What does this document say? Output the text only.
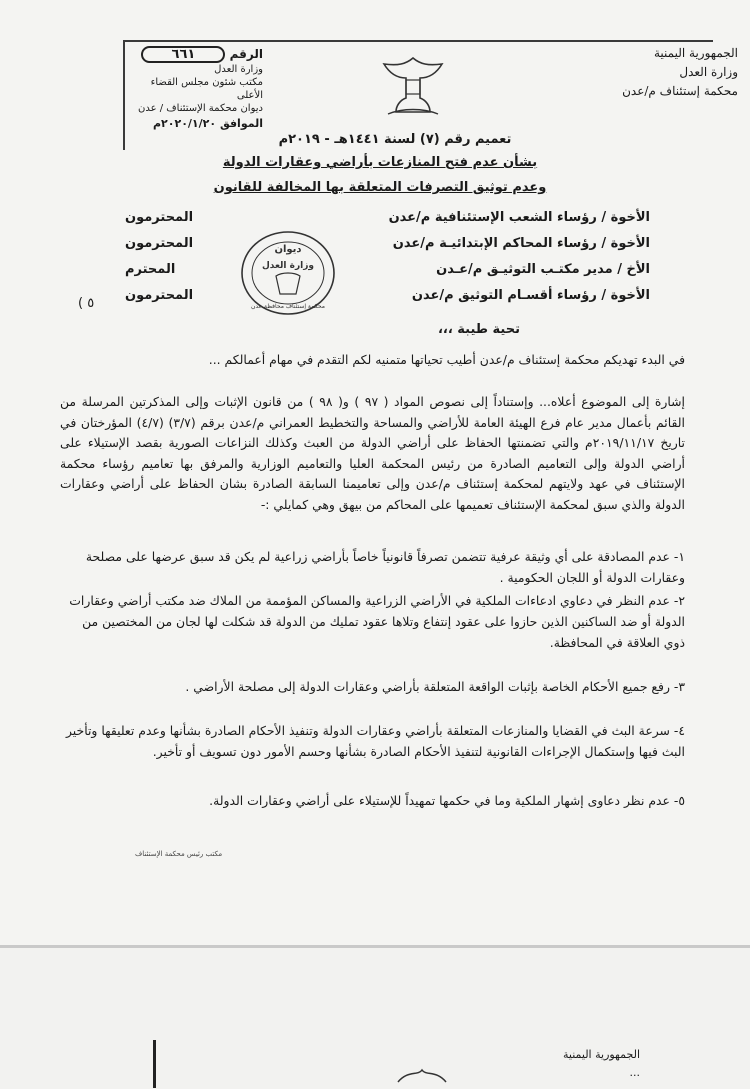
الجمهورية اليمنية
وزارة العدل
محكمة إستئناف م/عدن
الرقم ٦٦١
وزارة العدل
مكتب شئون مجلس القضاء الأعلى
ديوان محكمة الإستئناف / عدن
الموافق ٢٠٢٠/١/٢٠م
تعميم رقم (٧) لسنة ١٤٤١هـ - ٢٠١٩م
بشأن عدم فتح المنازعات بأراضي وعقارات الدولة
وعدم توثيق التصرفات المتعلقة بها المخالفة للقانون
الأخوة / رؤساء الشعب الإستئنافية م/عدن
المحترمون
الأخوة / رؤساء المحاكم الإبتدائيـة م/عدن
المحترمون
الأخ / مدير مكتـب التوثيـق م/عـدن
المحترم
الأخوة / رؤساء أقسـام التوثيق م/عدن
المحترمون
ديوان
وزارة العدل
محكمة إستئناف محافظة عدن
( ٥
تحية طيبة ،،،
في البدء تهديكم محكمة إستئناف م/عدن أطيب تحياتها متمنيه لكم التقدم في مهام أعمالكم ...
إشارة إلى الموضوع أعلاه... وإستناداً إلى نصوص المواد ( ٩٧ ) و( ٩٨ ) من قانون الإثبات وإلى المذكرتين المرسلة من القائم بأعمال مدير عام فرع الهيئة العامة للأراضي والمساحة والتخطيط العمراني م/عدن برقم (٣/٧) (٤/٧) المؤرختان في تاريخ ٢٠١٩/١١/١٧م والتي تضمنتها الحفاظ على أراضي الدولة من العبث وكذلك النزاعات الصورية بقصد الإستيلاء على أراضي الدولة وإلى التعاميم الصادرة من رئيس المحكمة العليا والتعاميم الوزارية والمرفق بها تعاميم رؤساء محكمة الإستئناف في عهد ولايتهم لمحكمة إستئناف م/عدن وإلى تعاميمنا السابقة الصادرة بشان الحفاظ على أراضي وعقارات الدولة والذي سبق لمحكمة الإستئناف تعميمها على المحاكم من بيهق وهي كمايلي :-
١- عدم المصادقة على أي وثيقة عرفية تتضمن تصرفاً قانونياً خاصاً بأراضي زراعية لم يكن قد سبق عرضها على مصلحة وعقارات الدولة أو اللجان الحكومية .
٢- عدم النظر في دعاوي ادعاءات الملكية في الأراضي الزراعية والمساكن المؤممة من الملاك ضد مكتب أراضي وعقارات الدولة أو ضد الساكنين الذين حازوا على عقود إنتفاع وتلاها عقود تمليك من الدولة قد شكلت لها لجان من المختصين من ذوي العلاقة في المحافظة.
٣- رفع جميع الأحكام الخاصة بإثبات الواقعة المتعلقة بأراضي وعقارات الدولة إلى مصلحة الأراضي .
٤- سرعة البث في القضايا والمنازعات المتعلقة بأراضي وعقارات الدولة وتنفيذ الأحكام الصادرة بشأنها وعدم تعليقها وتأخير البث فيها وإستكمال الإجراءات القانونية لتنفيذ الأحكام الصادرة بشأنها وحسم الأمور دون تسويف أو تأخير.
٥- عدم نظر دعاوى إشهار الملكية وما في حكمها تمهيداً للإستيلاء على أراضي وعقارات الدولة.
مكتب رئيس محكمة الإستئناف
الجمهورية اليمنية
...
